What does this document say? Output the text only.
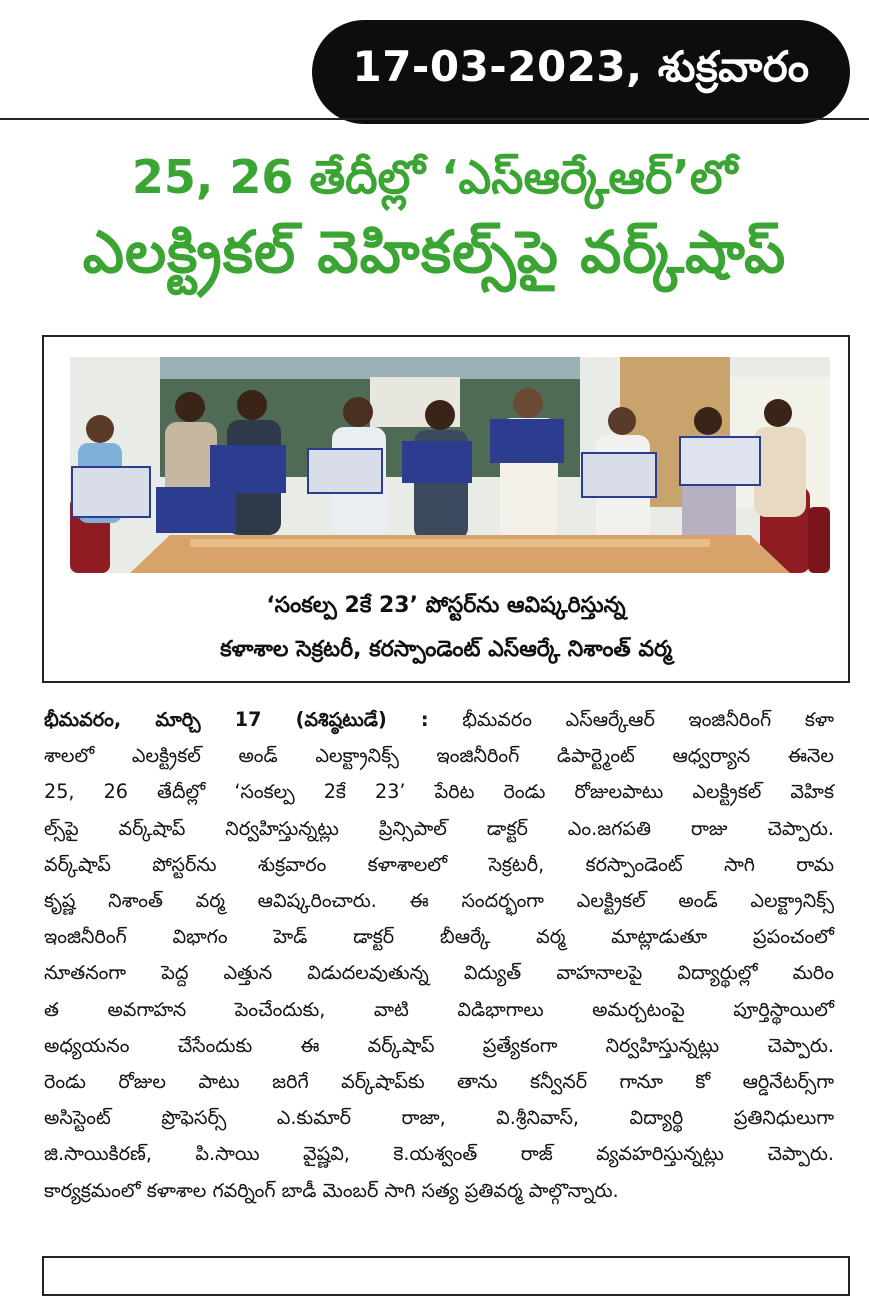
17-03-2023, శుక్రవారం
25, 26 తేదీల్లో ‘ఎస్ఆర్కేఆర్’లో
ఎలక్ట్రికల్ వెహికల్స్‌పై వర్క్‌షాప్
‘సంకల్ప 2కే 23’ పోస్టర్‌ను ఆవిష్కరిస్తున్న
కళాశాల సెక్రటరీ, కరస్పాండెంట్ ఎస్ఆర్కే నిశాంత్ వర్మ
భీమవరం, మార్చి 17 (వశిష్ఠటుడే) : భీమవరం ఎస్ఆర్కేఆర్ ఇంజినీరింగ్ కళా
శాలలో ఎలక్ట్రికల్ అండ్ ఎలక్ట్రానిక్స్ ఇంజినీరింగ్ డిపార్ట్మెంట్ ఆధ్వర్యాన ఈనెల
25, 26 తేదీల్లో ‘సంకల్ప 2కే 23’ పేరిట రెండు రోజులపాటు ఎలక్ట్రికల్ వెహిక
ల్స్‌పై వర్క్‌షాప్ నిర్వహిస్తున్నట్లు ప్రిన్సిపాల్ డాక్టర్ ఎం.జగపతి రాజు చెప్పారు.
వర్క్‌షాప్ పోస్టర్‌ను శుక్రవారం కళాశాలలో సెక్రటరీ, కరస్పాండెంట్ సాగి రామ
కృష్ణ నిశాంత్ వర్మ ఆవిష్కరించారు. ఈ సందర్భంగా ఎలక్ట్రికల్ అండ్ ఎలక్ట్రానిక్స్
ఇంజినీరింగ్ విభాగం హెడ్ డాక్టర్ బీఆర్కే వర్మ మాట్లాడుతూ ప్రపంచంలో
నూతనంగా పెద్ద ఎత్తున విడుదలవుతున్న విద్యుత్ వాహనాలపై విద్యార్థుల్లో మరిం
త అవగాహన పెంచేందుకు, వాటి విడిభాగాలు అమర్చటంపై పూర్తిస్థాయిలో
అధ్యయనం చేసేందుకు ఈ వర్క్‌షాప్ ప్రత్యేకంగా నిర్వహిస్తున్నట్లు చెప్పారు.
రెండు రోజుల పాటు జరిగే వర్క్‌షాప్‌కు తాను కన్వీనర్ గానూ కో ఆర్డినేటర్స్‌గా
అసిస్టెంట్ ప్రొఫెసర్స్ ఎ.కుమార్ రాజా, వి.శ్రీనివాస్, విద్యార్థి ప్రతినిధులుగా
జి.సాయికిరణ్, పి.సాయి వైష్ణవి, కె.యశ్వంత్ రాజ్ వ్యవహరిస్తున్నట్లు చెప్పారు.
కార్యక్రమంలో కళాశాల గవర్నింగ్ బాడీ మెంబర్ సాగి సత్య ప్రతివర్మ పాల్గొన్నారు.
